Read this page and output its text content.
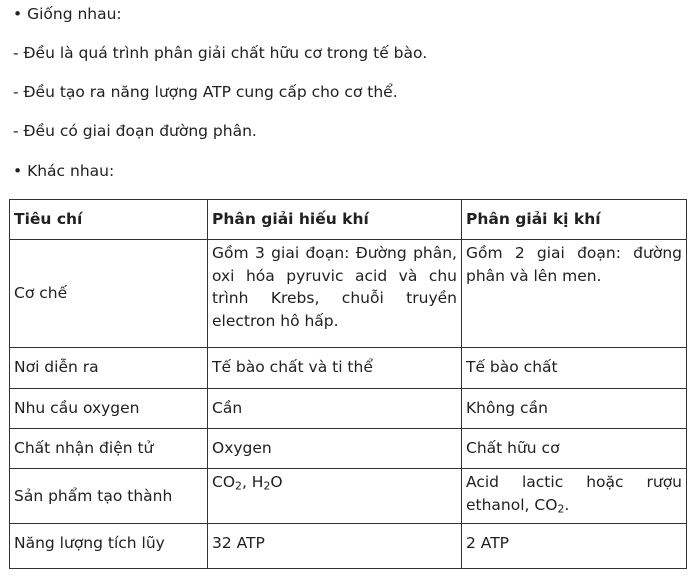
• Giống nhau:
- Đều là quá trình phân giải chất hữu cơ trong tế bào.
- Đều tạo ra năng lượng ATP cung cấp cho cơ thể.
- Đều có giai đoạn đường phân.
• Khác nhau:
Tiêu chí	Phân giải hiếu khí	Phân giải kị khí
Cơ chế	Gồm 3 giai đoạn: Đường phân, oxi hóa pyruvic acid và chu trình Krebs, chuỗi truyền electron hô hấp.	Gồm 2 giai đoạn: đường phân và lên men.
Nơi diễn ra	Tế bào chất và ti thể	Tế bào chất
Nhu cầu oxygen	Cần	Không cần
Chất nhận điện tử	Oxygen	Chất hữu cơ
Sản phẩm tạo thành	$CO_2$, $H_2O$	Acid lactic hoặc rượu
ethanol, $CO_2$.

Năng lượng tích lũy	32 ATP	2 ATP
